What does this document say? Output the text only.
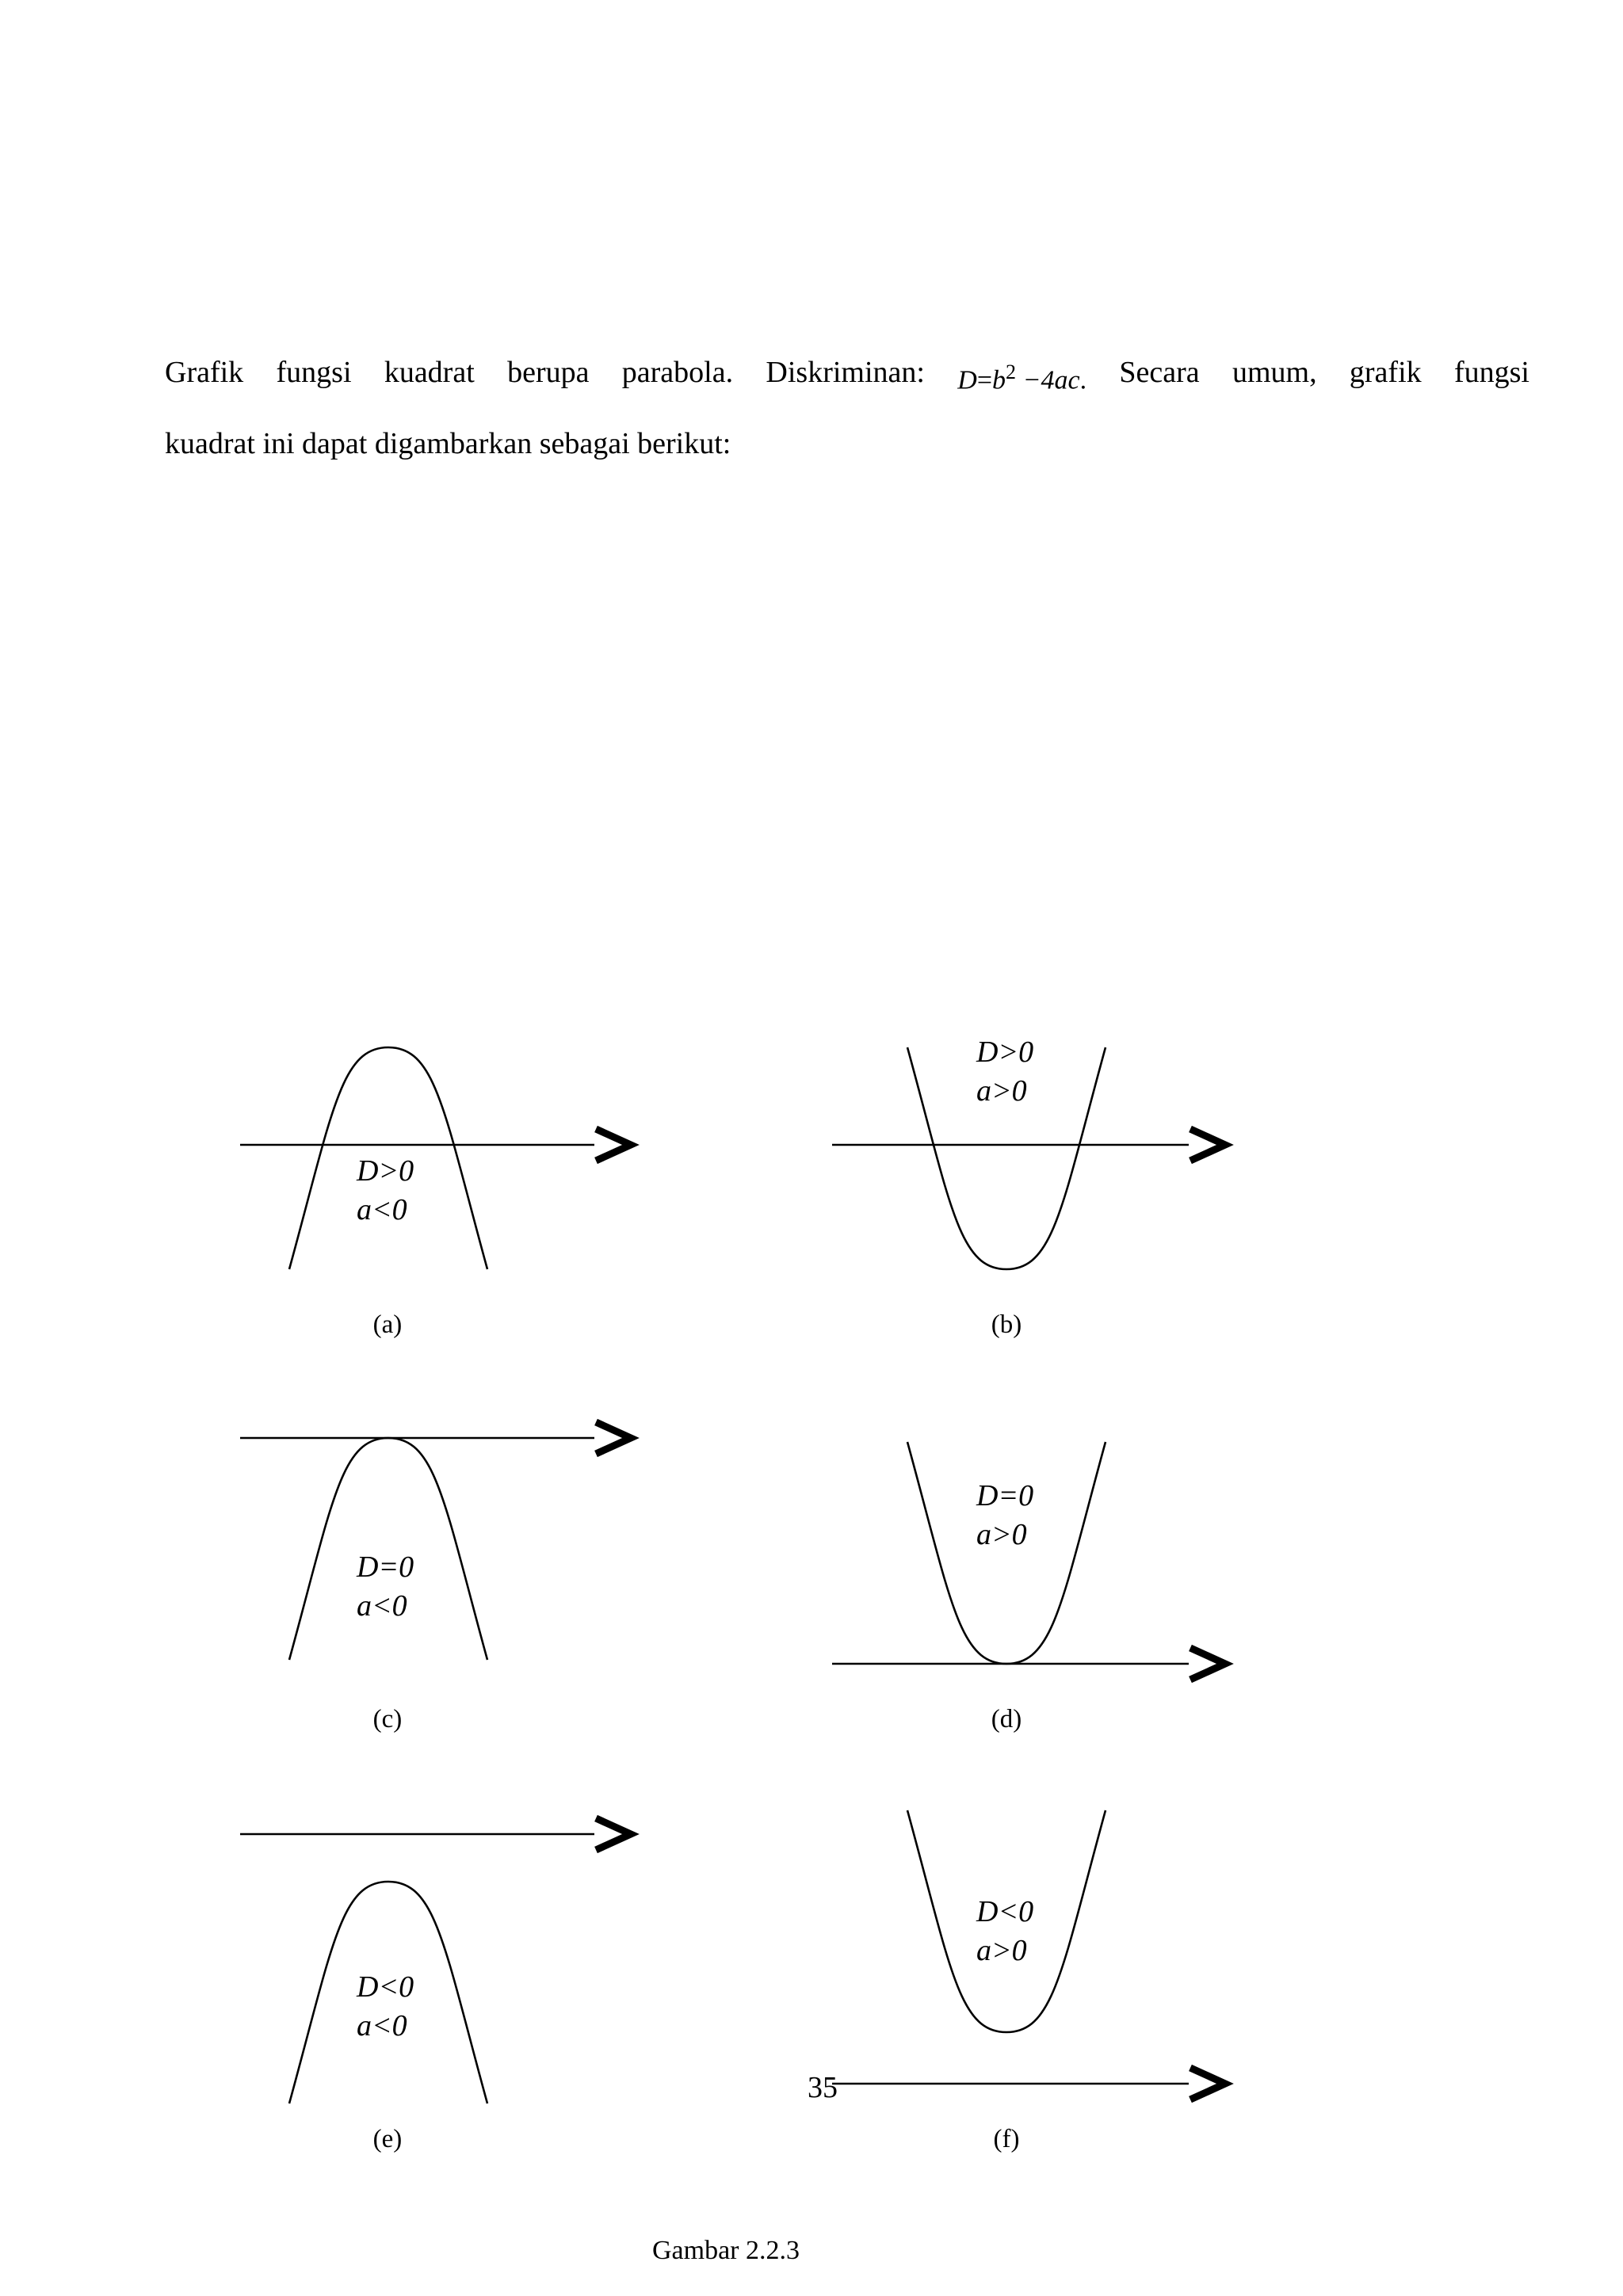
Grafik fungsi kuadrat berupa parabola. Diskriminan: $D=b^2 -4ac$. Secara umum, grafik fungsi
kuadrat ini dapat digambarkan sebagai berikut:
D>0
a<0
(a)
D>0
a>0
(b)
D=0
a<0
(c)
D=0
a>0
(d)
D<0
a<0
(e)
D<0
a>0
(f)
35
Gambar 2.2.3
